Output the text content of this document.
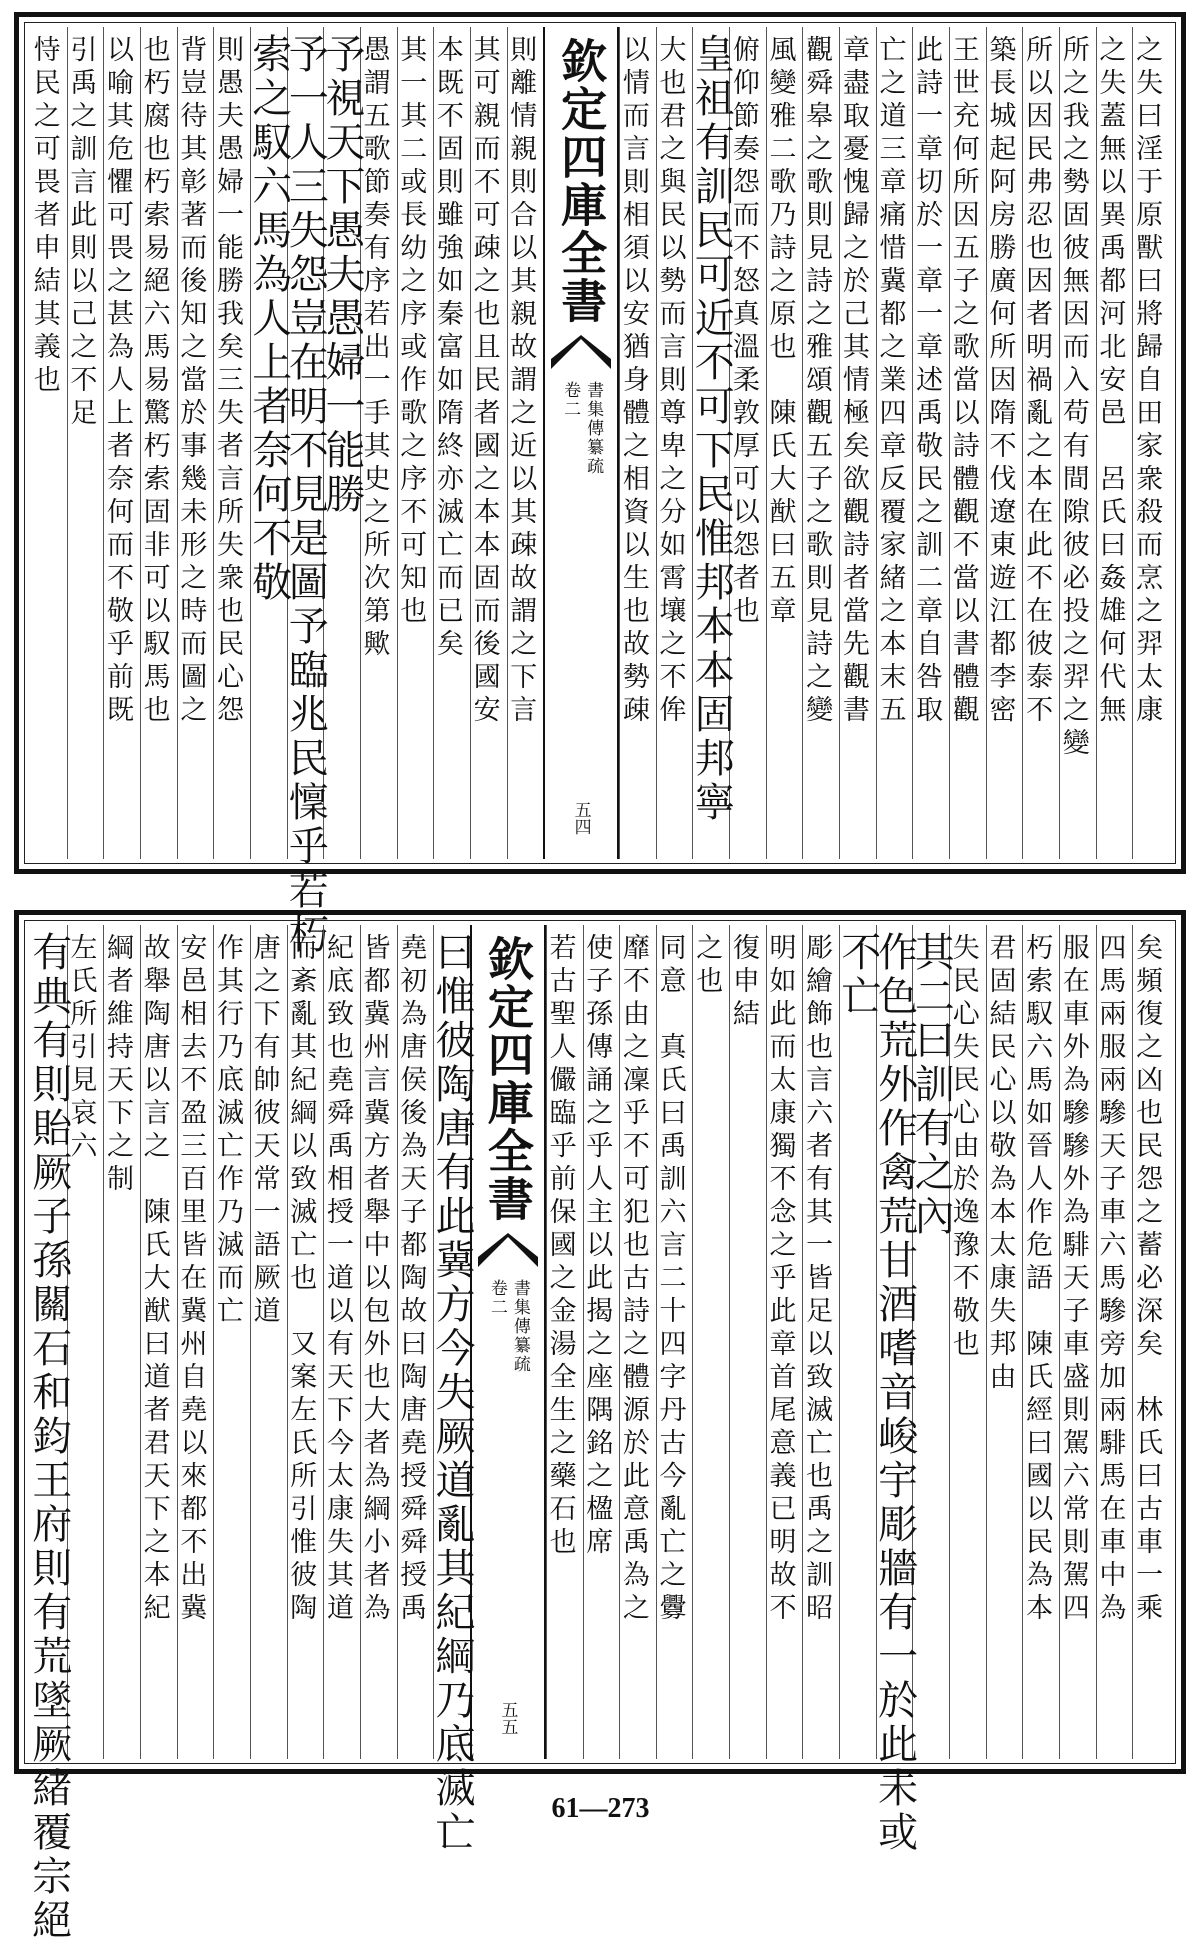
之失曰淫于原獸曰將歸自田家衆殺而烹之羿太康
之失蓋無以異禹都河北安邑　呂氏曰姦雄何代無
所之我之勢固彼無因而入苟有間隙彼必投之羿之變
所以因民弗忍也因者明禍亂之本在此不在彼泰不
築長城起阿房勝廣何所因隋不伐遼東遊江都李密
王世充何所因五子之歌當以詩體觀不當以書體觀
此詩一章切於一章一章述禹敬民之訓二章自咎取
亡之道三章痛惜冀都之業四章反覆家緒之本末五
章盡取憂愧歸之於己其情極矣欲觀詩者當先觀書
觀舜皋之歌則見詩之雅頌觀五子之歌則見詩之變
風變雅二歌乃詩之原也　陳氏大猷曰五章
俯仰節奏怨而不怒真溫柔敦厚可以怨者也　
皇祖有訓民可近不可下民惟邦本本固邦寧
大也君之與民以勢而言則尊卑之分如霄壤之不侔
以情而言則相須以安猶身體之相資以生也故勢疎
欽定四庫全書
書集傳纂疏
卷二
五四
則離情親則合以其親故謂之近以其疎故謂之下言
其可親而不可疎之也且民者國之本本固而後國安
本既不固則雖強如秦富如隋終亦滅亡而已矣
其一其二或長幼之序或作歌之序不可知也
愚謂五歌節奏有序若出一手其史之所次第歟
予視天下愚夫愚婦一能勝
予一人三失怨豈在明不見是圖予臨兆民懍乎若朽
索之馭六馬為人上者奈何不敬
則愚夫愚婦一能勝我矣三失者言所失衆也民心怨
背豈待其彰著而後知之當於事幾未形之時而圖之
也朽腐也朽索易絕六馬易驚朽索固非可以馭馬也
以喻其危懼可畏之甚為人上者奈何而不敬乎前既
引禹之訓言此則以己之不足
恃民之可畏者申結其義也
矣頻復之凶也民怨之蓄必深矣　林氏曰古車一乘
四馬兩服兩驂天子車六馬驂旁加兩騑馬在車中為
服在車外為驂驂外為騑天子車盛則駕六常則駕四
朽索馭六馬如晉人作危語　陳氏經曰國以民為本
君固結民心以敬為本太康失邦由
失民心失民心由於逸豫不敬也
其二曰訓有之內
作色荒外作禽荒甘酒嗜音峻宇彫牆有一於此未或
不亡
彫繪飾也言六者有其一皆足以致滅亡也禹之訓昭
明如此而太康獨不念之乎此章首尾意義已明故不
復申結
之也
同意　真氏曰禹訓六言二十四字丹古今亂亡之釁
靡不由之凜乎不可犯也古詩之體源於此意禹為之
使子孫傳誦之乎人主以此揭之座隅銘之楹席
若古聖人儼臨乎前保國之金湯全生之藥石也
欽定四庫全書
書集傳纂疏
卷二
五五
曰惟彼陶唐有此冀方今失厥道亂其紀綱乃底滅亡
堯初為唐侯後為天子都陶故曰陶唐堯授舜舜授禹
皆都冀州言冀方者舉中以包外也大者為綱小者為
紀底致也堯舜禹相授一道以有天下今太康失其道
而紊亂其紀綱以致滅亡也　又案左氏所引惟彼陶
唐之下有帥彼天常一語厥道
作其行乃底滅亡作乃滅而亡
安邑相去不盈三百里皆在冀州自堯以來都不出冀
故舉陶唐以言之　陳氏大猷曰道者君天下之本紀
綱者維持天下之制
左氏所引見哀六
有典有則貽厥子孫關石和鈞王府則有荒墜厥緒覆宗絕	61—273
